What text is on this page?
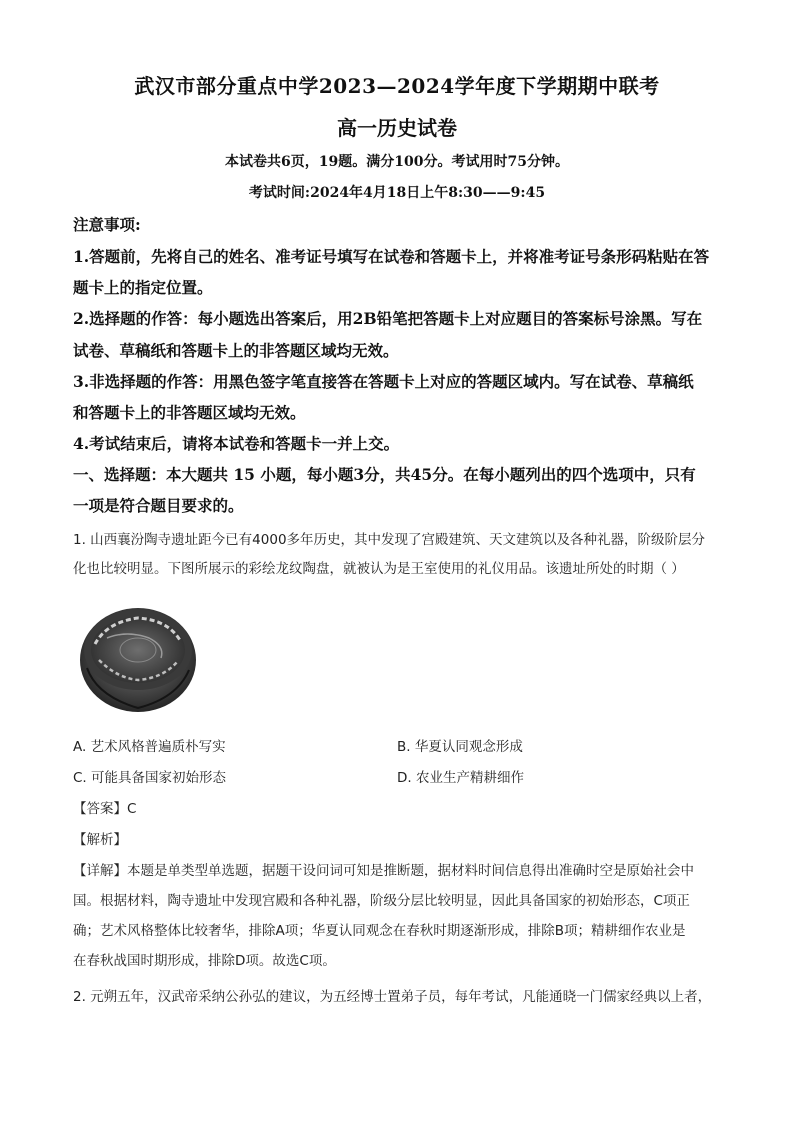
武汉市部分重点中学2023—2024学年度下学期期中联考
高一历史试卷
本试卷共6页，19题。满分100分。考试用时75分钟。
考试时间:2024年4月18日上午8:30——9:45
注意事项:
1.答题前，先将自己的姓名、准考证号填写在试卷和答题卡上，并将准考证号条形码粘贴在答
题卡上的指定位置。
2.选择题的作答：每小题选出答案后，用2B铅笔把答题卡上对应题目的答案标号涂黑。写在
试卷、草稿纸和答题卡上的非答题区域均无效。
3.非选择题的作答：用黑色签字笔直接答在答题卡上对应的答题区域内。写在试卷、草稿纸
和答题卡上的非答题区域均无效。
4.考试结束后，请将本试卷和答题卡一并上交。
一、选择题：本大题共 15 小题，每小题3分，共45分。在每小题列出的四个选项中，只有
一项是符合题目要求的。
1. 山西襄汾陶寺遗址距今已有4000多年历史，其中发现了宫殿建筑、天文建筑以及各种礼器，阶级阶层分
化也比较明显。下图所展示的彩绘龙纹陶盘，就被认为是王室使用的礼仪用品。该遗址所处的时期（ ）
A. 艺术风格普遍质朴写实	B. 华夏认同观念形成
C. 可能具备国家初始形态	D. 农业生产精耕细作
【答案】C
【解析】
【详解】本题是单类型单选题，据题干设问词可知是推断题，据材料时间信息得出准确时空是原始社会中
国。根据材料，陶寺遗址中发现宫殿和各种礼器，阶级分层比较明显，因此具备国家的初始形态，C项正
确；艺术风格整体比较奢华，排除A项；华夏认同观念在春秋时期逐渐形成，排除B项；精耕细作农业是
在春秋战国时期形成，排除D项。故选C项。
2. 元朔五年，汉武帝采纳公孙弘的建议，为五经博士置弟子员，每年考试，凡能通晓一门儒家经典以上者，
